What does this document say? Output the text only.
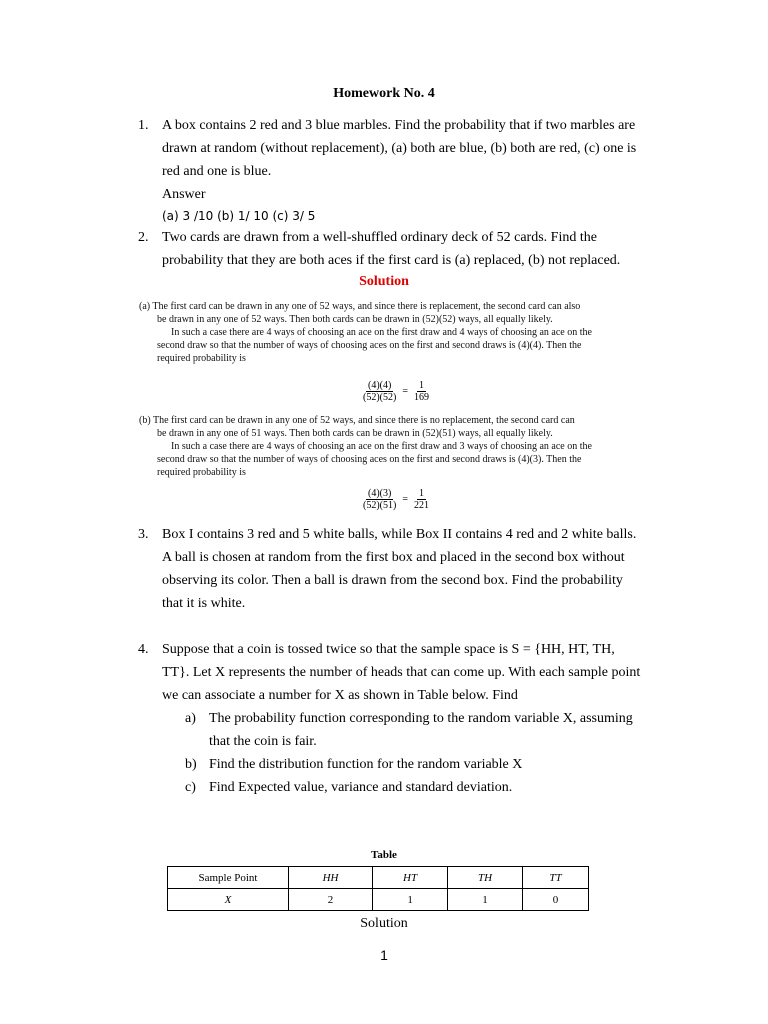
Homework No. 4
1. A box contains 2 red and 3 blue marbles. Find the probability that if two marbles are
drawn at random (without replacement), (a) both are blue, (b) both are red, (c) one is
red and one is blue.
Answer
(a) 3 /10 (b) 1/ 10 (c) 3/ 5
2. Two cards are drawn from a well-shuffled ordinary deck of 52 cards. Find the
probability that they are both aces if the first card is (a) replaced, (b) not replaced.
Solution
(a) The first card can be drawn in any one of 52 ways, and since there is replacement, the second card can also
be drawn in any one of 52 ways. Then both cards can be drawn in (52)(52) ways, all equally likely.
In such a case there are 4 ways of choosing an ace on the first draw and 4 ways of choosing an ace on the
second draw so that the number of ways of choosing aces on the first and second draws is (4)(4). Then the
required probability is
$\frac{(4)(4)}{(52)(52)} = \frac{1}{169}$
(b) The first card can be drawn in any one of 52 ways, and since there is no replacement, the second card can
be drawn in any one of 51 ways. Then both cards can be drawn in (52)(51) ways, all equally likely.
In such a case there are 4 ways of choosing an ace on the first draw and 3 ways of choosing an ace on the
second draw so that the number of ways of choosing aces on the first and second draws is (4)(3). Then the
required probability is
$\frac{(4)(3)}{(52)(51)} = \frac{1}{221}$
3. Box I contains 3 red and 5 white balls, while Box II contains 4 red and 2 white balls.
A ball is chosen at random from the first box and placed in the second box without
observing its color. Then a ball is drawn from the second box. Find the probability
that it is white.
4. Suppose that a coin is tossed twice so that the sample space is S = {HH, HT, TH,
TT}. Let X represents the number of heads that can come up. With each sample point
we can associate a number for X as shown in Table below. Find
a) The probability function corresponding to the random variable X, assuming
that the coin is fair.
b) Find the distribution function for the random variable X
c) Find Expected value, variance and standard deviation.
Table
Sample Point	HH	HT	TH	TT
X	2	1	1	0
Solution
1
